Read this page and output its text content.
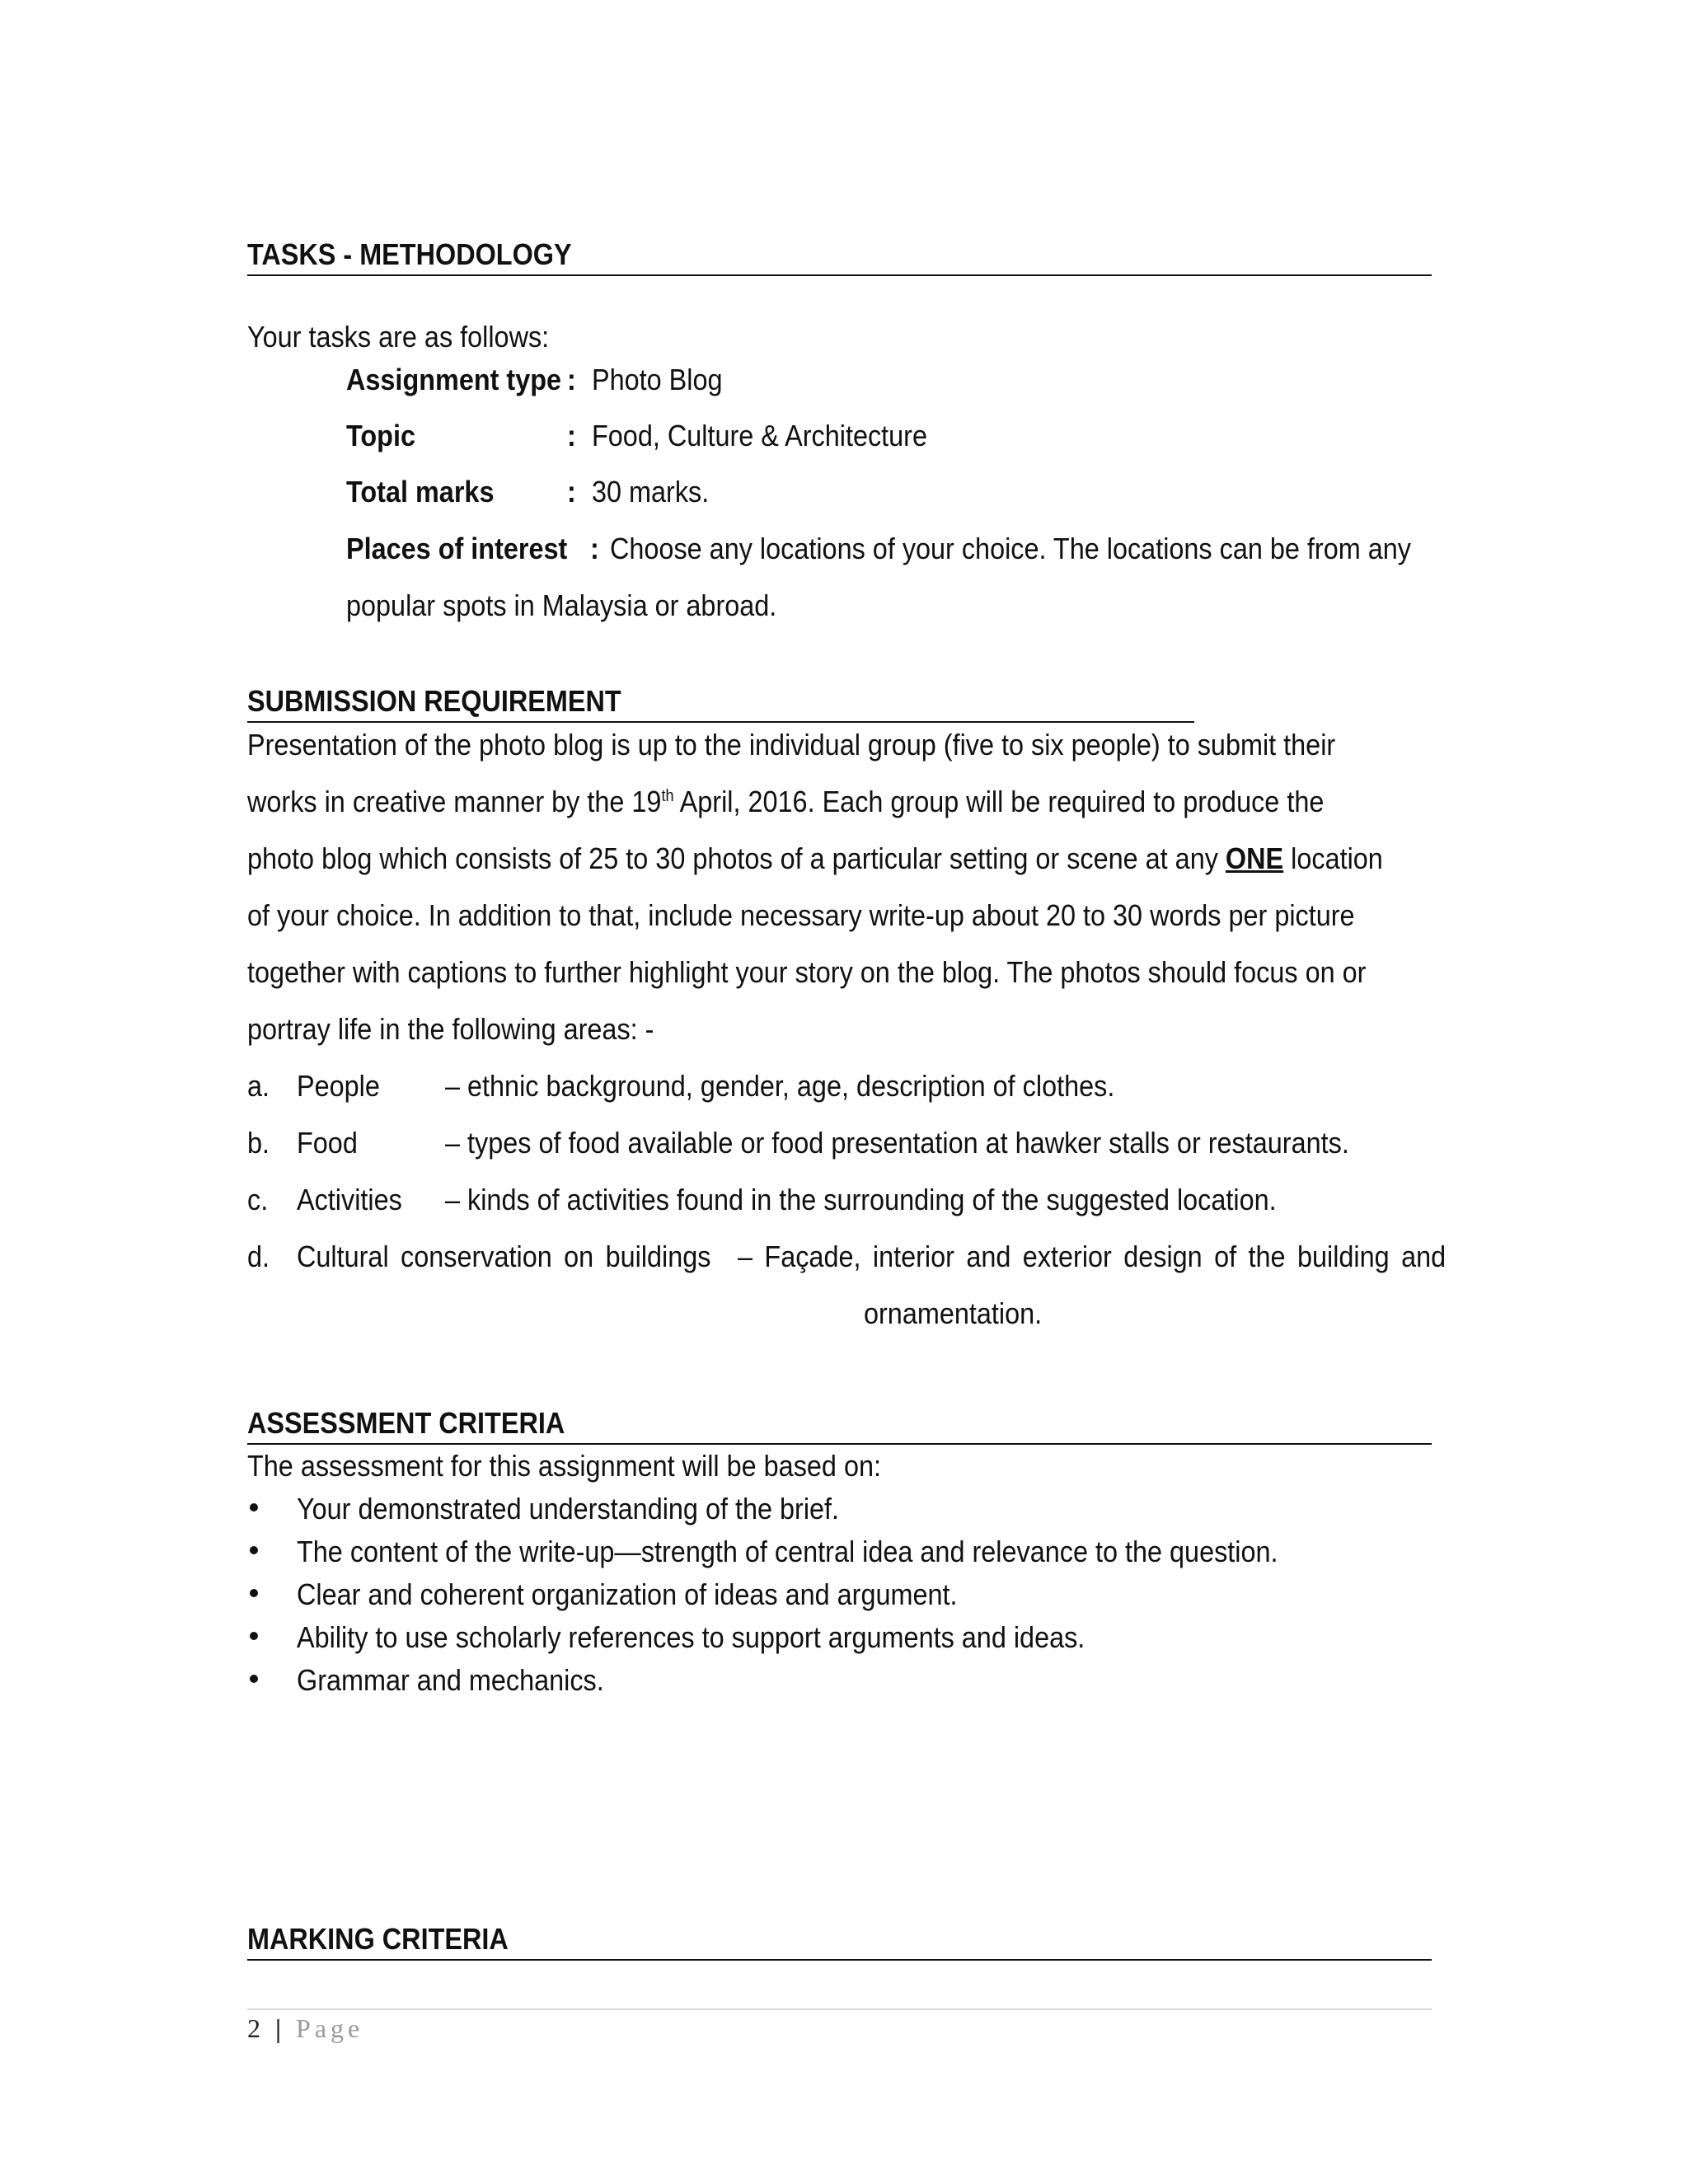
TASKS - METHODOLOGY
Your tasks are as follows:
Assignment type : Photo Blog
Topic	: Food, Culture & Architecture
Total marks : 30 marks.
Places of interest : Choose any locations of your choice. The locations can be from any
popular spots in Malaysia or abroad.
SUBMISSION REQUIREMENT
Presentation of the photo blog is up to the individual group (five to six people) to submit their
works in creative manner by the 19th April, 2016. Each group will be required to produce the
photo blog which consists of 25 to 30 photos of a particular setting or scene at any ONE location
of your choice. In addition to that, include necessary write-up about 20 to 30 words per picture
together with captions to further highlight your story on the blog. The photos should focus on or
portray life in the following areas: -
a. People – ethnic background, gender, age, description of clothes.
b. Food	– types of food available or food presentation at hawker stalls or restaurants.
c. Activities – kinds of activities found in the surrounding of the suggested location.
d. Cultural conservation on buildings – Façade, interior and exterior design of the building and
ornamentation.
ASSESSMENT CRITERIA
The assessment for this assignment will be based on:
Your demonstrated understanding of the brief.
The content of the write-up—strength of central idea and relevance to the question.
Clear and coherent organization of ideas and argument.
Ability to use scholarly references to support arguments and ideas.
Grammar and mechanics.
MARKING CRITERIA
2 | Page
